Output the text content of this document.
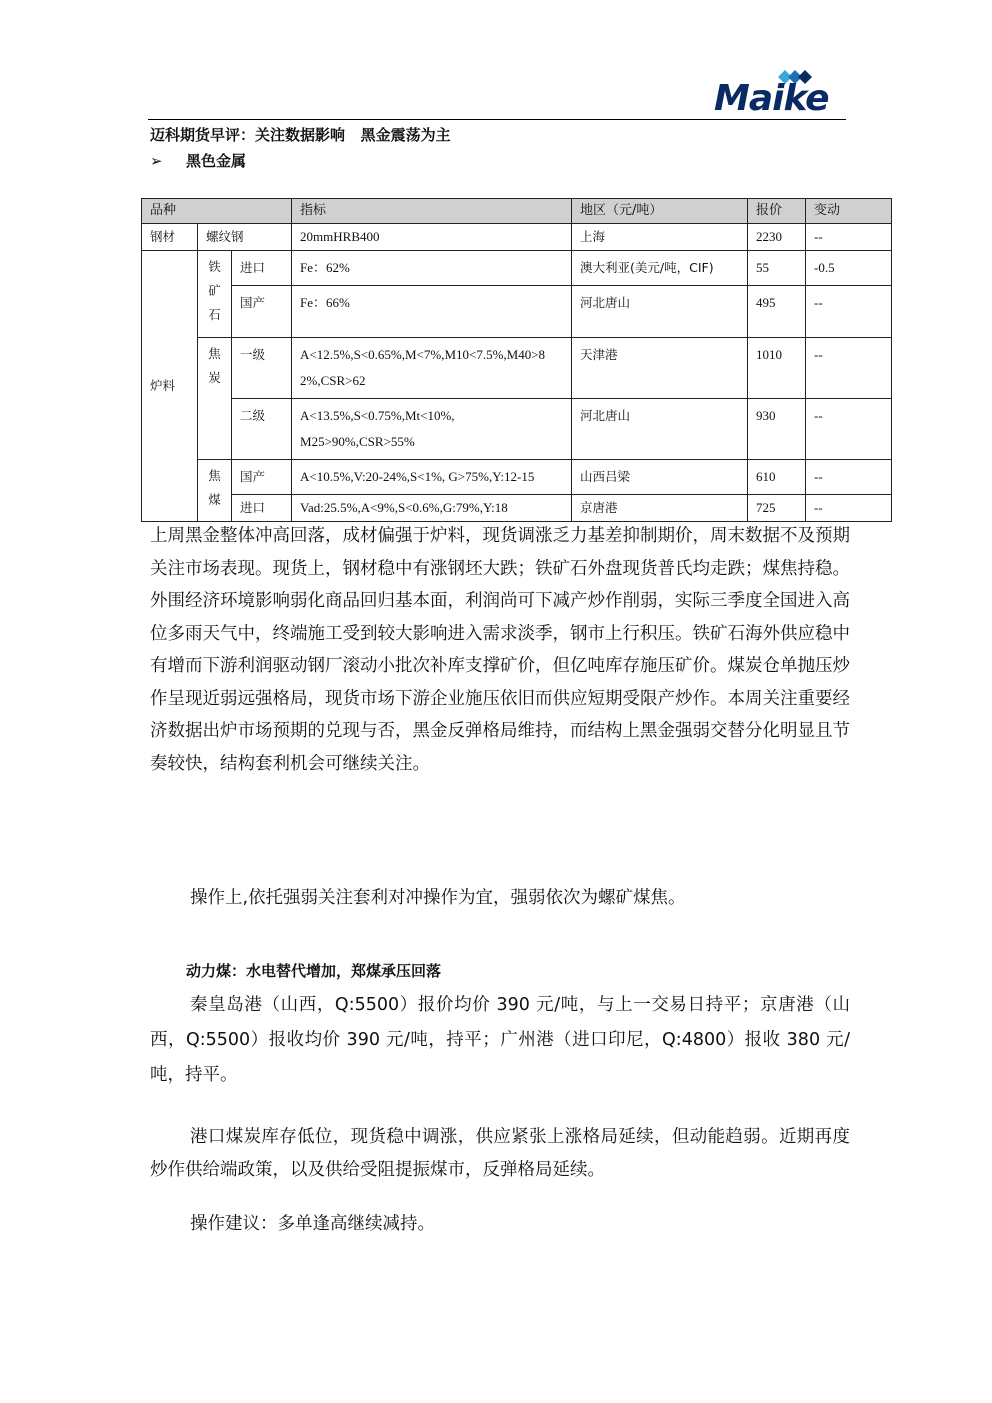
Maike
迈科期货早评：关注数据影响   黑金震荡为主
➢ 黑色金属
品种			指标	地区（元/吨）	报价	变动
钢材	螺纹钢		20mmHRB400	上海	2230	--
炉料	铁矿石	进口	Fe：62%	澳大利亚(美元/吨，CIF)	55	-0.5
		国产	Fe：66%	河北唐山	495	--
	焦炭	一级	A<12.5%,S<0.65%,M<7%,M10<7.5%,M40>82%,CSR>62	天津港	1010	--
		二级	A<13.5%,S<0.75%,Mt<10%, M25>90%,CSR>55%	河北唐山	930	--
	焦煤	国产	A<10.5%,V:20-24%,S<1%, G>75%,Y:12-15	山西吕梁	610	--
		进口	Vad:25.5%,A<9%,S<0.6%,G:79%,Y:18	京唐港	725	--

上周黑金整体冲高回落，成材偏强于炉料，现货调涨乏力基差抑制期价，周末数据不及预期关注市场表现。现货上，钢材稳中有涨钢坯大跌；铁矿石外盘现货普氏均走跌；煤焦持稳。外围经济环境影响弱化商品回归基本面，利润尚可下减产炒作削弱，实际三季度全国进入高位多雨天气中，终端施工受到较大影响进入需求淡季，钢市上行积压。铁矿石海外供应稳中有增而下游利润驱动钢厂滚动小批次补库支撑矿价，但亿吨库存施压矿价。煤炭仓单抛压炒作呈现近弱远强格局，现货市场下游企业施压依旧而供应短期受限产炒作。本周关注重要经济数据出炉市场预期的兑现与否，黑金反弹格局维持，而结构上黑金强弱交替分化明显且节奏较快，结构套利机会可继续关注。

操作上,依托强弱关注套利对冲操作为宜，强弱依次为螺矿煤焦。

动力煤：水电替代增加，郑煤承压回落

秦皇岛港（山西，Q:5500）报价均价 390 元/吨，与上一交易日持平；京唐港（山西，Q:5500）报收均价 390 元/吨，持平；广州港（进口印尼，Q:4800）报收 380 元/吨，持平。

港口煤炭库存低位，现货稳中调涨，供应紧张上涨格局延续，但动能趋弱。近期再度炒作供给端政策，以及供给受阻提振煤市，反弹格局延续。

操作建议：多单逢高继续减持。
